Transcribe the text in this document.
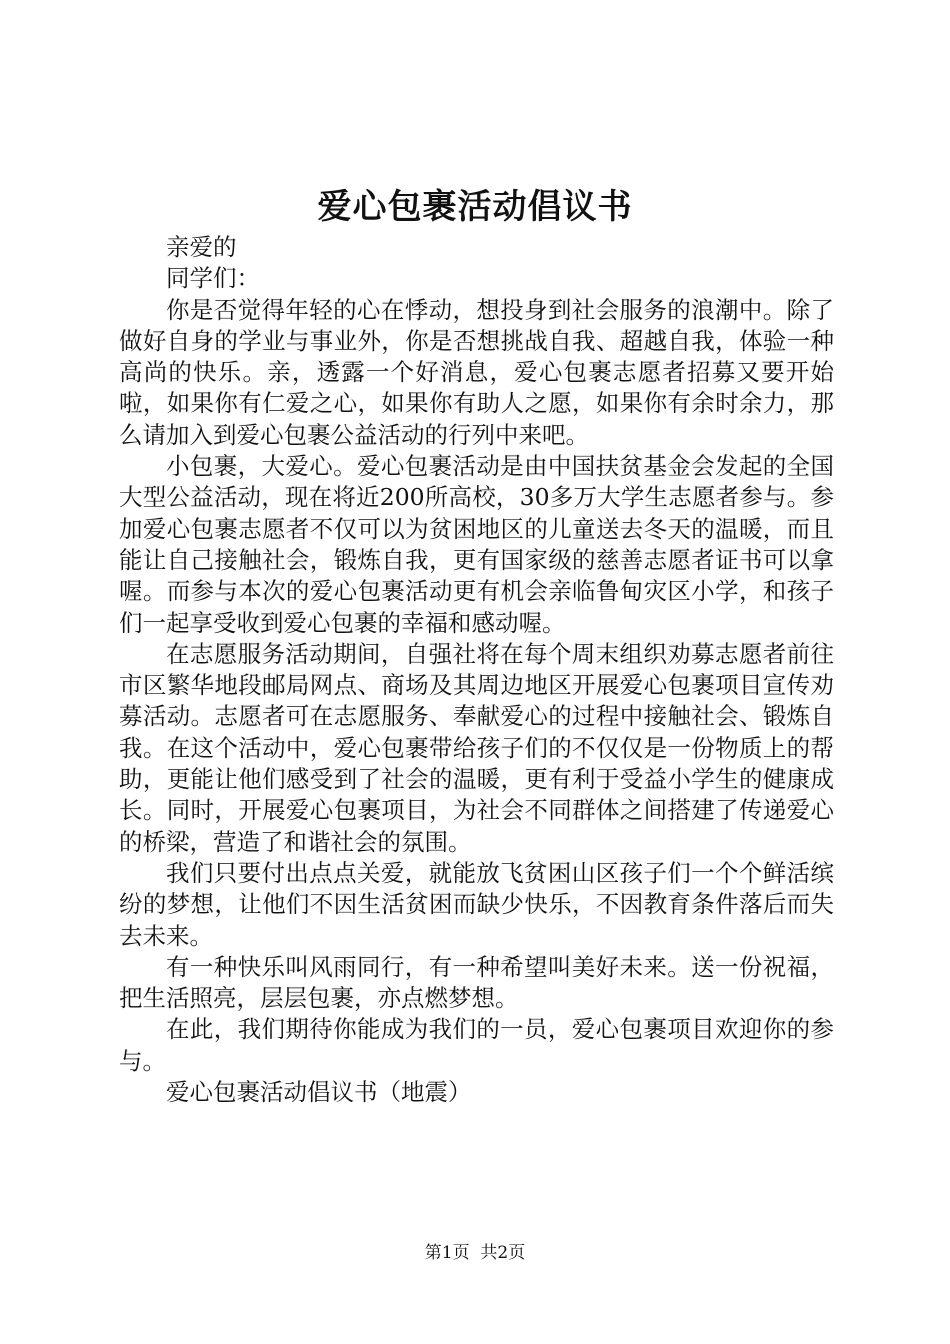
爱心包裹活动倡议书

亲爱的

同学们：

你是否觉得年轻的心在悸动，想投身到社会服务的浪潮中。除了做好自身的学业与事业外，你是否想挑战自我、超越自我，体验一种高尚的快乐。亲，透露一个好消息，爱心包裹志愿者招募又要开始啦，如果你有仁爱之心，如果你有助人之愿，如果你有余时余力，那么请加入到爱心包裹公益活动的行列中来吧。

小包裹，大爱心。爱心包裹活动是由中国扶贫基金会发起的全国大型公益活动，现在将近200所高校，30多万大学生志愿者参与。参加爱心包裹志愿者不仅可以为贫困地区的儿童送去冬天的温暖，而且能让自己接触社会，锻炼自我，更有国家级的慈善志愿者证书可以拿喔。而参与本次的爱心包裹活动更有机会亲临鲁甸灾区小学，和孩子们一起享受收到爱心包裹的幸福和感动喔。

在志愿服务活动期间，自强社将在每个周末组织劝募志愿者前往市区繁华地段邮局网点、商场及其周边地区开展爱心包裹项目宣传劝募活动。志愿者可在志愿服务、奉献爱心的过程中接触社会、锻炼自我。在这个活动中，爱心包裹带给孩子们的不仅仅是一份物质上的帮助，更能让他们感受到了社会的温暖，更有利于受益小学生的健康成长。同时，开展爱心包裹项目，为社会不同群体之间搭建了传递爱心的桥梁，营造了和谐社会的氛围。

我们只要付出点点关爱，就能放飞贫困山区孩子们一个个鲜活缤纷的梦想，让他们不因生活贫困而缺少快乐，不因教育条件落后而失去未来。

有一种快乐叫风雨同行，有一种希望叫美好未来。送一份祝福，把生活照亮，层层包裹，亦点燃梦想。

在此，我们期待你能成为我们的一员，爱心包裹项目欢迎你的参与。

爱心包裹活动倡议书（地震）

第1页 共2页
